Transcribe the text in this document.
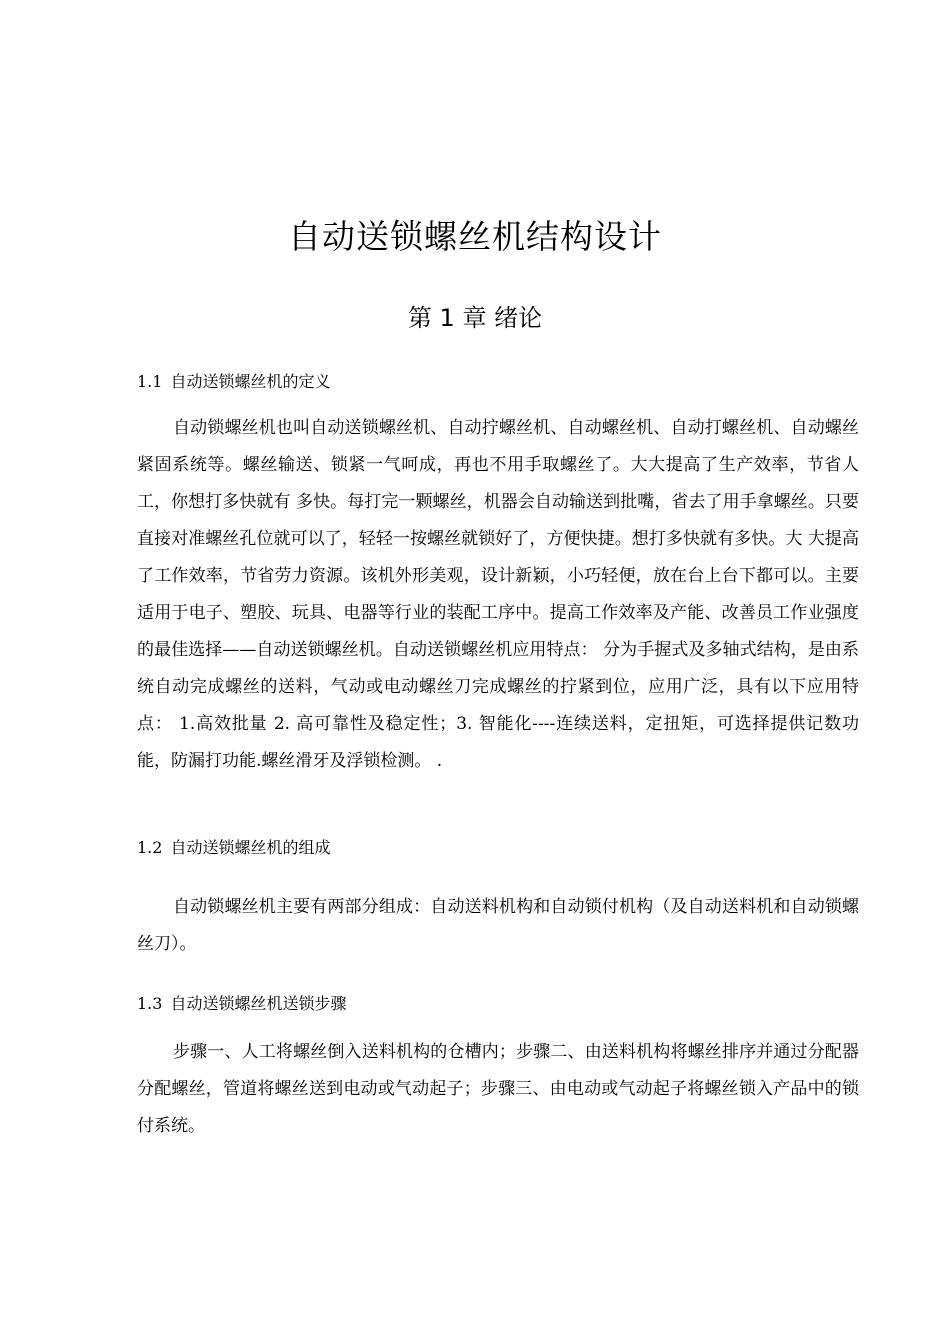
自动送锁螺丝机结构设计
第 1 章 绪论
1.1 自动送锁螺丝机的定义

自动锁螺丝机也叫自动送锁螺丝机、自动拧螺丝机、自动螺丝机、自动打螺丝机、自动螺丝紧固系统等。螺丝输送、锁紧一气呵成，再也不用手取螺丝了。大大提高了生产效率，节省人工，你想打多快就有 多快。每打完一颗螺丝，机器会自动输送到批嘴，省去了用手拿螺丝。只要直接对准螺丝孔位就可以了，轻轻一按螺丝就锁好了，方便快捷。想打多快就有多快。大 大提高了工作效率，节省劳力资源。该机外形美观，设计新颖，小巧轻便，放在台上台下都可以。主要适用于电子、塑胶、玩具、电器等行业的装配工序中。提高工作效率及产能、改善员工作业强度的最佳选择——自动送锁螺丝机。自动送锁螺丝机应用特点： 分为手握式及多轴式结构，是由系统自动完成螺丝的送料，气动或电动螺丝刀完成螺丝的拧紧到位，应用广泛，具有以下应用特点： 1.高效批量 2. 高可靠性及稳定性；3. 智能化----连续送料，定扭矩，可选择提供记数功能，防漏打功能.螺丝滑牙及浮锁检测。 .

1.2 自动送锁螺丝机的组成

自动锁螺丝机主要有两部分组成：自动送料机构和自动锁付机构（及自动送料机和自动锁螺丝刀）。

1.3 自动送锁螺丝机送锁步骤

步骤一、人工将螺丝倒入送料机构的仓槽内；步骤二、由送料机构将螺丝排序并通过分配器分配螺丝，管道将螺丝送到电动或气动起子；步骤三、由电动或气动起子将螺丝锁入产品中的锁付系统。
